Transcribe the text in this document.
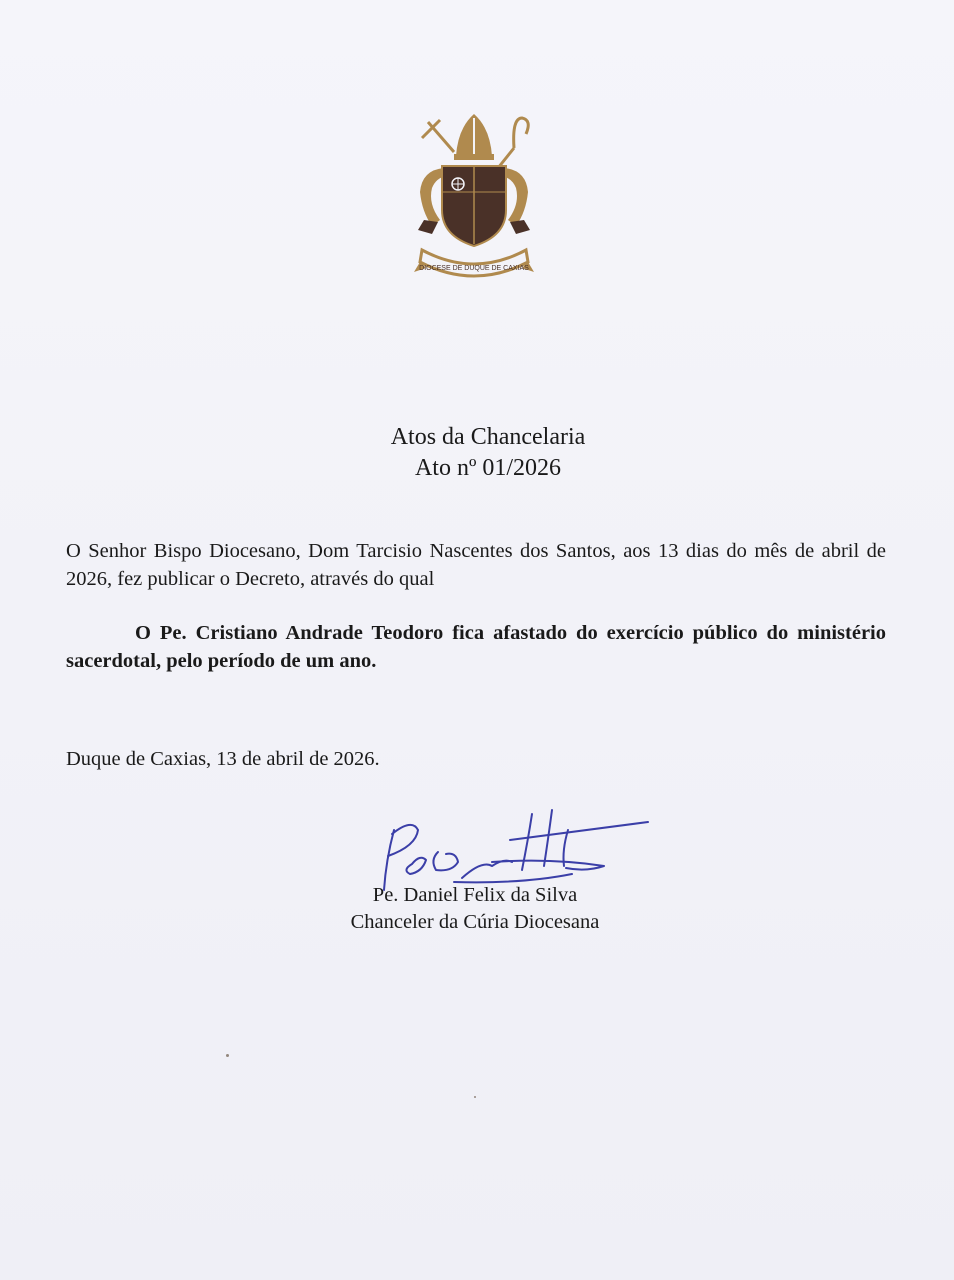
DIOCESE DE DUQUE DE CAXIAS
Atos da Chancelaria
Ato nº 01/2026
O Senhor Bispo Diocesano, Dom Tarcisio Nascentes dos Santos, aos 13 dias do mês de abril de 2026, fez publicar o Decreto, através do qual
O Pe. Cristiano Andrade Teodoro fica afastado do exercício público do ministério sacerdotal, pelo período de um ano.
Duque de Caxias, 13 de abril de 2026.
Pe. Daniel Felix da Silva
Chanceler da Cúria Diocesana
